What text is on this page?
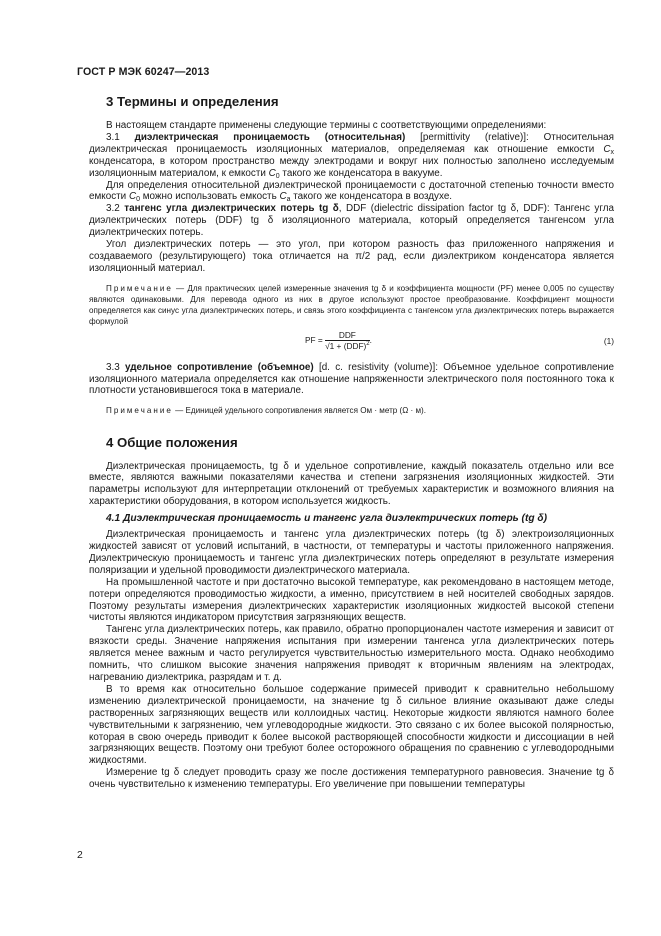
ГОСТ Р МЭК 60247—2013
3 Термины и определения

В настоящем стандарте применены следующие термины с соответствующими определениями:

3.1 диэлектрическая проницаемость (относительная) [permittivity (relative)]: Относительная диэлектрическая проницаемость изоляционных материалов, определяемая как отношение емкости $C_x$ конденсатора, в котором пространство между электродами и вокруг них полностью заполнено исследуемым изоляционным материалом, к емкости $C_0$ такого же конденсатора в вакууме.

Для определения относительной диэлектрической проницаемости с достаточной степенью точности вместо емкости $C_0$ можно использовать емкость $C_a$ такого же конденсатора в воздухе.

3.2 тангенс угла диэлектрических потерь tg δ, DDF (dielectric dissipation factor tg δ, DDF): Тангенс угла диэлектрических потерь (DDF) tg δ изоляционного материала, который определяется тангенсом угла диэлектрических потерь.

Угол диэлектрических потерь — это угол, при котором разность фаз приложенного напряжения и создаваемого (результирующего) тока отличается на π/2 рад, если диэлектриком конденсатора является изоляционный материал.

Примечание — Для практических целей измеренные значения tg δ и коэффициента мощности (PF) менее 0,005 по существу являются одинаковыми. Для перевода одного из них в другое используют простое преобразование. Коэффициент мощности определяется как синус угла диэлектрических потерь, и связь этого коэффициента с тангенсом угла диэлектрических потерь выражается формулой

PF = $\frac{\text{DDF}}{√1 + (DDF)^2}$ .	(1)

3.3 удельное сопротивление (объемное) [d. c. resistivity (volume)]: Объемное удельное сопротивление изоляционного материала определяется как отношение напряженности электрического поля постоянного тока к плотности установившегося тока в материале.

Примечание — Единицей удельного сопротивления является Ом · метр (Ω · м).

4 Общие положения

Диэлектрическая проницаемость, tg δ и удельное сопротивление, каждый показатель отдельно или все вместе, являются важными показателями качества и степени загрязнения изоляционных жидкостей. Эти параметры используют для интерпретации отклонений от требуемых характеристик и возможного влияния на характеристики оборудования, в котором используется жидкость.

4.1 Диэлектрическая проницаемость и тангенс угла диэлектрических потерь (tg δ)

Диэлектрическая проницаемость и тангенс угла диэлектрических потерь (tg δ) электроизоляционных жидкостей зависят от условий испытаний, в частности, от температуры и частоты приложенного напряжения. Диэлектрическую проницаемость и тангенс угла диэлектрических потерь определяют в результате измерения поляризации и удельной проводимости диэлектрического материала.

На промышленной частоте и при достаточно высокой температуре, как рекомендовано в настоящем методе, потери определяются проводимостью жидкости, а именно, присутствием в ней носителей свободных зарядов. Поэтому результаты измерения диэлектрических характеристик изоляционных жидкостей высокой степени чистоты являются индикатором присутствия загрязняющих веществ.

Тангенс угла диэлектрических потерь, как правило, обратно пропорционален частоте измерения и зависит от вязкости среды. Значение напряжения испытания при измерении тангенса угла диэлектрических потерь является менее важным и часто регулируется чувствительностью измерительного моста. Однако необходимо помнить, что слишком высокие значения напряжения приводят к вторичным явлениям на электродах, нагреванию диэлектрика, разрядам и т. д.

В то время как относительно большое содержание примесей приводит к сравнительно небольшому изменению диэлектрической проницаемости, на значение tg δ сильное влияние оказывают даже следы растворенных загрязняющих веществ или коллоидных частиц. Некоторые жидкости являются намного более чувствительными к загрязнению, чем углеводородные жидкости. Это связано с их более высокой полярностью, которая в свою очередь приводит к более высокой растворяющей способности жидкости и диссоциации в ней загрязняющих веществ. Поэтому они требуют более осторожного обращения по сравнению с углеводородными жидкостями.

Измерение tg δ следует проводить сразу же после достижения температурного равновесия. Значение tg δ очень чувствительно к изменению температуры. Его увеличение при повышении температуры

2
